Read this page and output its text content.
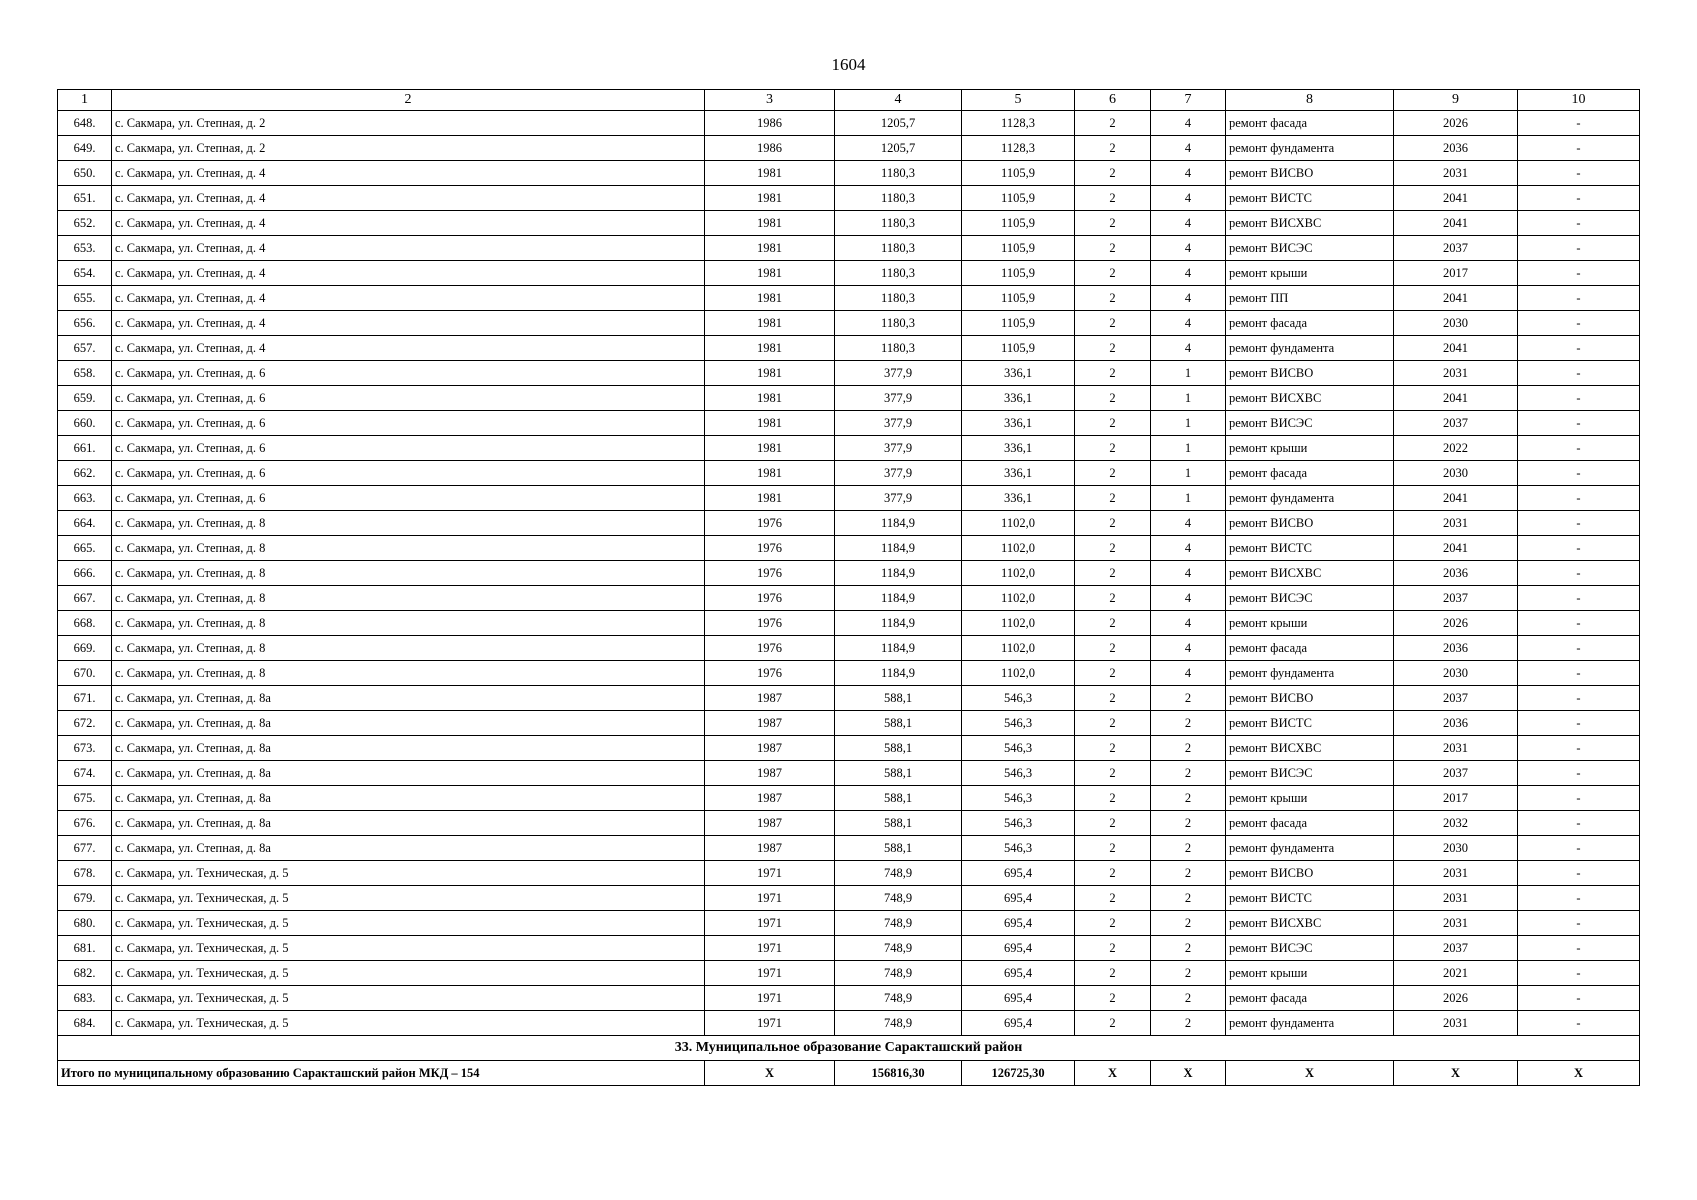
1604
1	2	3	4	5	6	7	8	9	10
648.	с. Сакмара, ул. Степная, д. 2	1986	1205,7	1128,3	2	4	ремонт фасада	2026	-
649.	с. Сакмара, ул. Степная, д. 2	1986	1205,7	1128,3	2	4	ремонт фундамента	2036	-
650.	с. Сакмара, ул. Степная, д. 4	1981	1180,3	1105,9	2	4	ремонт ВИСВО	2031	-
651.	с. Сакмара, ул. Степная, д. 4	1981	1180,3	1105,9	2	4	ремонт ВИСТС	2041	-
652.	с. Сакмара, ул. Степная, д. 4	1981	1180,3	1105,9	2	4	ремонт ВИСХВС	2041	-
653.	с. Сакмара, ул. Степная, д. 4	1981	1180,3	1105,9	2	4	ремонт ВИСЭС	2037	-
654.	с. Сакмара, ул. Степная, д. 4	1981	1180,3	1105,9	2	4	ремонт крыши	2017	-
655.	с. Сакмара, ул. Степная, д. 4	1981	1180,3	1105,9	2	4	ремонт ПП	2041	-
656.	с. Сакмара, ул. Степная, д. 4	1981	1180,3	1105,9	2	4	ремонт фасада	2030	-
657.	с. Сакмара, ул. Степная, д. 4	1981	1180,3	1105,9	2	4	ремонт фундамента	2041	-
658.	с. Сакмара, ул. Степная, д. 6	1981	377,9	336,1	2	1	ремонт ВИСВО	2031	-
659.	с. Сакмара, ул. Степная, д. 6	1981	377,9	336,1	2	1	ремонт ВИСХВС	2041	-
660.	с. Сакмара, ул. Степная, д. 6	1981	377,9	336,1	2	1	ремонт ВИСЭС	2037	-
661.	с. Сакмара, ул. Степная, д. 6	1981	377,9	336,1	2	1	ремонт крыши	2022	-
662.	с. Сакмара, ул. Степная, д. 6	1981	377,9	336,1	2	1	ремонт фасада	2030	-
663.	с. Сакмара, ул. Степная, д. 6	1981	377,9	336,1	2	1	ремонт фундамента	2041	-
664.	с. Сакмара, ул. Степная, д. 8	1976	1184,9	1102,0	2	4	ремонт ВИСВО	2031	-
665.	с. Сакмара, ул. Степная, д. 8	1976	1184,9	1102,0	2	4	ремонт ВИСТС	2041	-
666.	с. Сакмара, ул. Степная, д. 8	1976	1184,9	1102,0	2	4	ремонт ВИСХВС	2036	-
667.	с. Сакмара, ул. Степная, д. 8	1976	1184,9	1102,0	2	4	ремонт ВИСЭС	2037	-
668.	с. Сакмара, ул. Степная, д. 8	1976	1184,9	1102,0	2	4	ремонт крыши	2026	-
669.	с. Сакмара, ул. Степная, д. 8	1976	1184,9	1102,0	2	4	ремонт фасада	2036	-
670.	с. Сакмара, ул. Степная, д. 8	1976	1184,9	1102,0	2	4	ремонт фундамента	2030	-
671.	с. Сакмара, ул. Степная, д. 8а	1987	588,1	546,3	2	2	ремонт ВИСВО	2037	-
672.	с. Сакмара, ул. Степная, д. 8а	1987	588,1	546,3	2	2	ремонт ВИСТС	2036	-
673.	с. Сакмара, ул. Степная, д. 8а	1987	588,1	546,3	2	2	ремонт ВИСХВС	2031	-
674.	с. Сакмара, ул. Степная, д. 8а	1987	588,1	546,3	2	2	ремонт ВИСЭС	2037	-
675.	с. Сакмара, ул. Степная, д. 8а	1987	588,1	546,3	2	2	ремонт крыши	2017	-
676.	с. Сакмара, ул. Степная, д. 8а	1987	588,1	546,3	2	2	ремонт фасада	2032	-
677.	с. Сакмара, ул. Степная, д. 8а	1987	588,1	546,3	2	2	ремонт фундамента	2030	-
678.	с. Сакмара, ул. Техническая, д. 5	1971	748,9	695,4	2	2	ремонт ВИСВО	2031	-
679.	с. Сакмара, ул. Техническая, д. 5	1971	748,9	695,4	2	2	ремонт ВИСТС	2031	-
680.	с. Сакмара, ул. Техническая, д. 5	1971	748,9	695,4	2	2	ремонт ВИСХВС	2031	-
681.	с. Сакмара, ул. Техническая, д. 5	1971	748,9	695,4	2	2	ремонт ВИСЭС	2037	-
682.	с. Сакмара, ул. Техническая, д. 5	1971	748,9	695,4	2	2	ремонт крыши	2021	-
683.	с. Сакмара, ул. Техническая, д. 5	1971	748,9	695,4	2	2	ремонт фасада	2026	-
684.	с. Сакмара, ул. Техническая, д. 5	1971	748,9	695,4	2	2	ремонт фундамента	2031	-
33. Муниципальное образование Саракташский район									
Итого по муниципальному образованию Саракташский район МКД – 154		Х	156816,30	126725,30	Х	Х	Х	Х	Х
